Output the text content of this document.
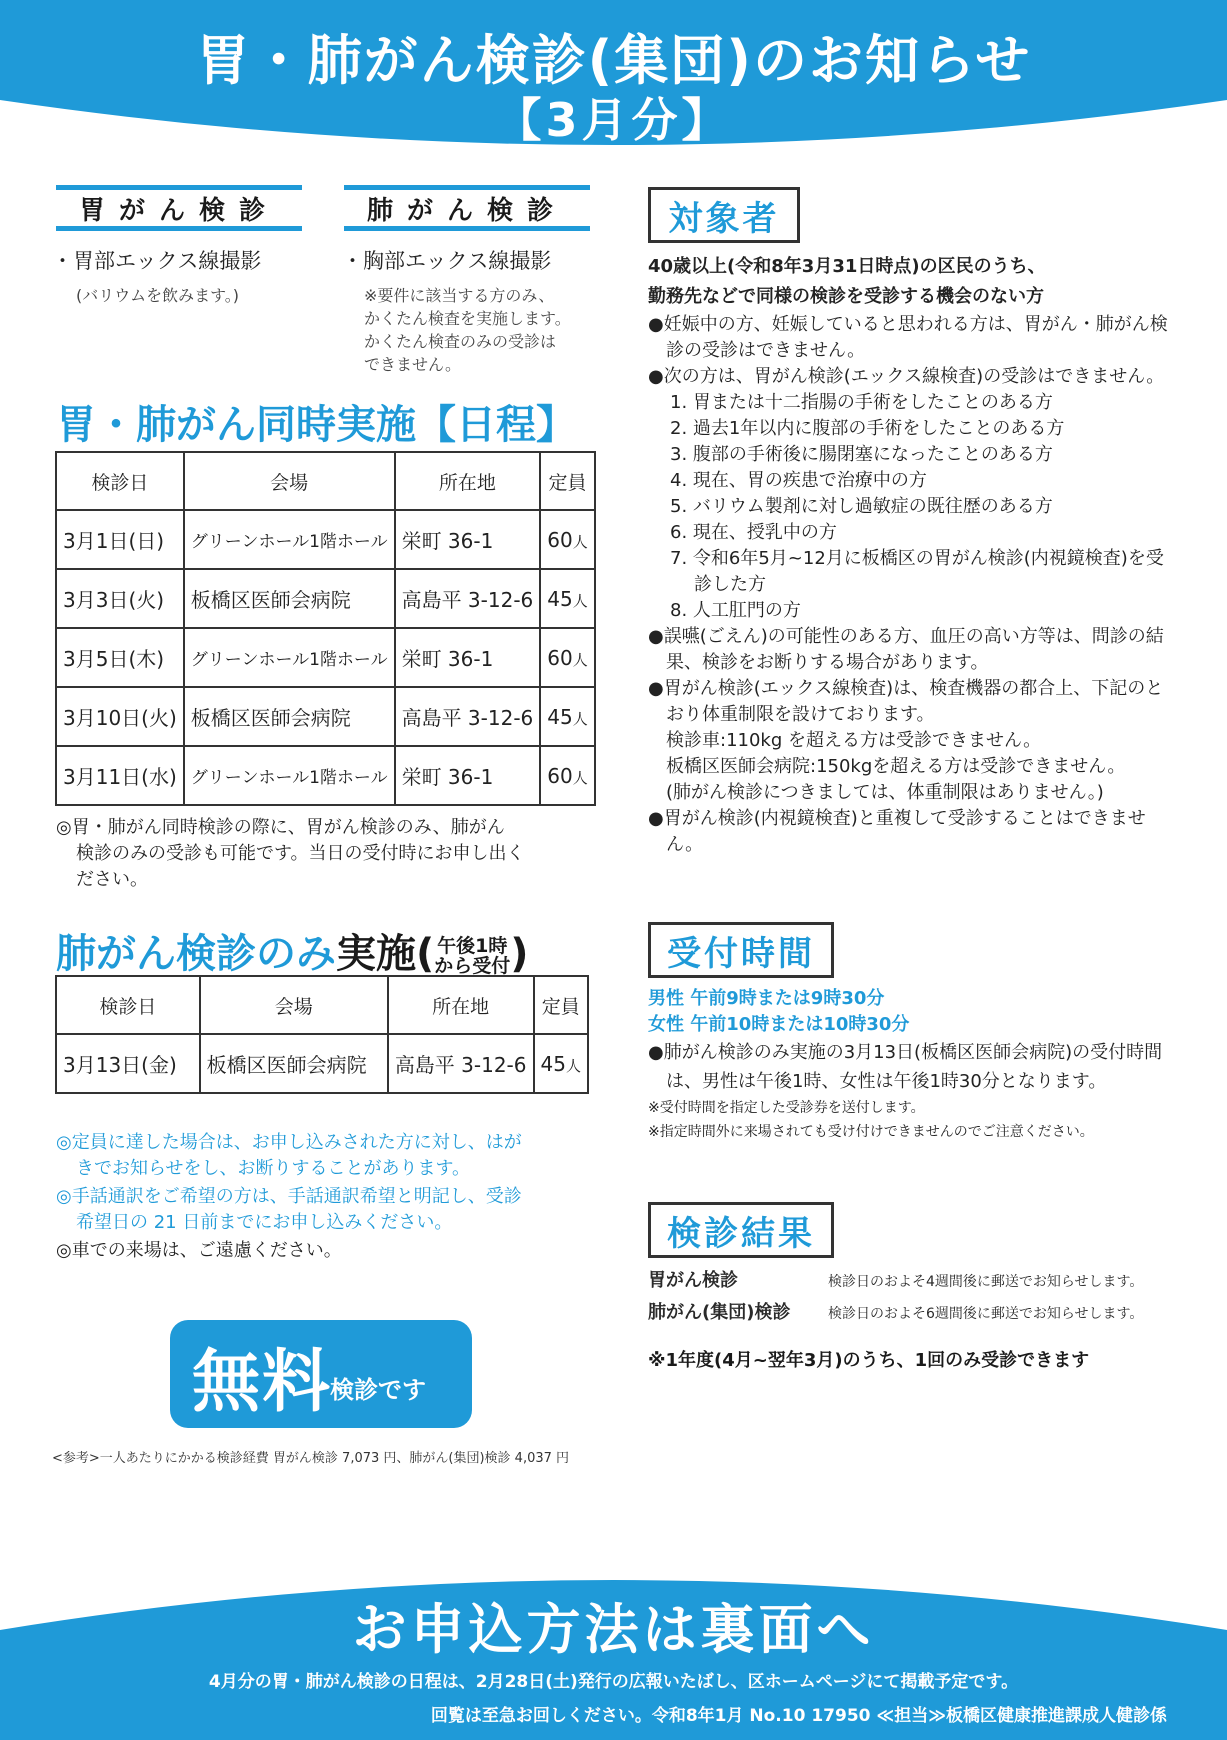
胃・肺がん検診(集団)のお知らせ
【3月分】
胃がん検診
・胃部エックス線撮影
(バリウムを飲みます。)
肺がん検診
・胸部エックス線撮影
※要件に該当する方のみ、
かくたん検査を実施します。
かくたん検査のみの受診は
できません。
胃・肺がん同時実施【日程】
検診日	会場	所在地	定員
3月1日(日)	グリーンホール1階ホール	栄町 36-1	60人
3月3日(火)	板橋区医師会病院	高島平 3-12-6	45人
3月5日(木)	グリーンホール1階ホール	栄町 36-1	60人
3月10日(火)	板橋区医師会病院	高島平 3-12-6	45人
3月11日(水)	グリーンホール1階ホール	栄町 36-1	60人
◎胃・肺がん同時検診の際に、胃がん検診のみ、肺がん
検診のみの受診も可能です。当日の受付時にお申し出く
ださい。
肺がん検診のみ実施( 午後1時
から受付)
検診日	会場	所在地	定員
3月13日(金)	板橋区医師会病院	高島平 3-12-6	45人
◎定員に達した場合は、お申し込みされた方に対し、はが
きでお知らせをし、お断りすることがあります。
◎手話通訳をご希望の方は、手話通訳希望と明記し、受診
希望日の 21 日前までにお申し込みください。
◎車での来場は、ご遠慮ください。
無料
検診です
<参考>一人あたりにかかる検診経費 胃がん検診 7,073 円、肺がん(集団)検診 4,037 円
対象者
40歳以上(令和8年3月31日時点)の区民のうち、
勤務先などで同様の検診を受診する機会のない方
●妊娠中の方、妊娠していると思われる方は、胃がん・肺がん検診の受診はできません。
●次の方は、胃がん検診(エックス線検査)の受診はできません。
1. 胃または十二指腸の手術をしたことのある方
2. 過去1年以内に腹部の手術をしたことのある方
3. 腹部の手術後に腸閉塞になったことのある方
4. 現在、胃の疾患で治療中の方
5. バリウム製剤に対し過敏症の既往歴のある方
6. 現在、授乳中の方
7. 令和6年5月~12月に板橋区の胃がん検診(内視鏡検査)を受診した方
8. 人工肛門の方
●誤嚥(ごえん)の可能性のある方、血圧の高い方等は、問診の結果、検診をお断りする場合があります。
●胃がん検診(エックス線検査)は、検査機器の都合上、下記のとおり体重制限を設けております。
検診車:110kg を超える方は受診できません。
板橋区医師会病院:150kgを超える方は受診できません。
(肺がん検診につきましては、体重制限はありません。)
●胃がん検診(内視鏡検査)と重複して受診することはできません。
受付時間
男性 午前9時または9時30分
女性 午前10時または10時30分
●肺がん検診のみ実施の3月13日(板橋区医師会病院)の受付時間は、男性は午後1時、女性は午後1時30分となります。
※受付時間を指定した受診券を送付します。
※指定時間外に来場されても受け付けできませんのでご注意ください。
検診結果
胃がん検診	検診日のおよそ4週間後に郵送でお知らせします。
肺がん(集団)検診	検診日のおよそ6週間後に郵送でお知らせします。
※1年度(4月~翌年3月)のうち、1回のみ受診できます
お申込方法は裏面へ
4月分の胃・肺がん検診の日程は、2月28日(土)発行の広報いたばし、区ホームページにて掲載予定です。
回覧は至急お回しください。令和8年1月 No.10 17950 ≪担当≫板橋区健康推進課成人健診係
